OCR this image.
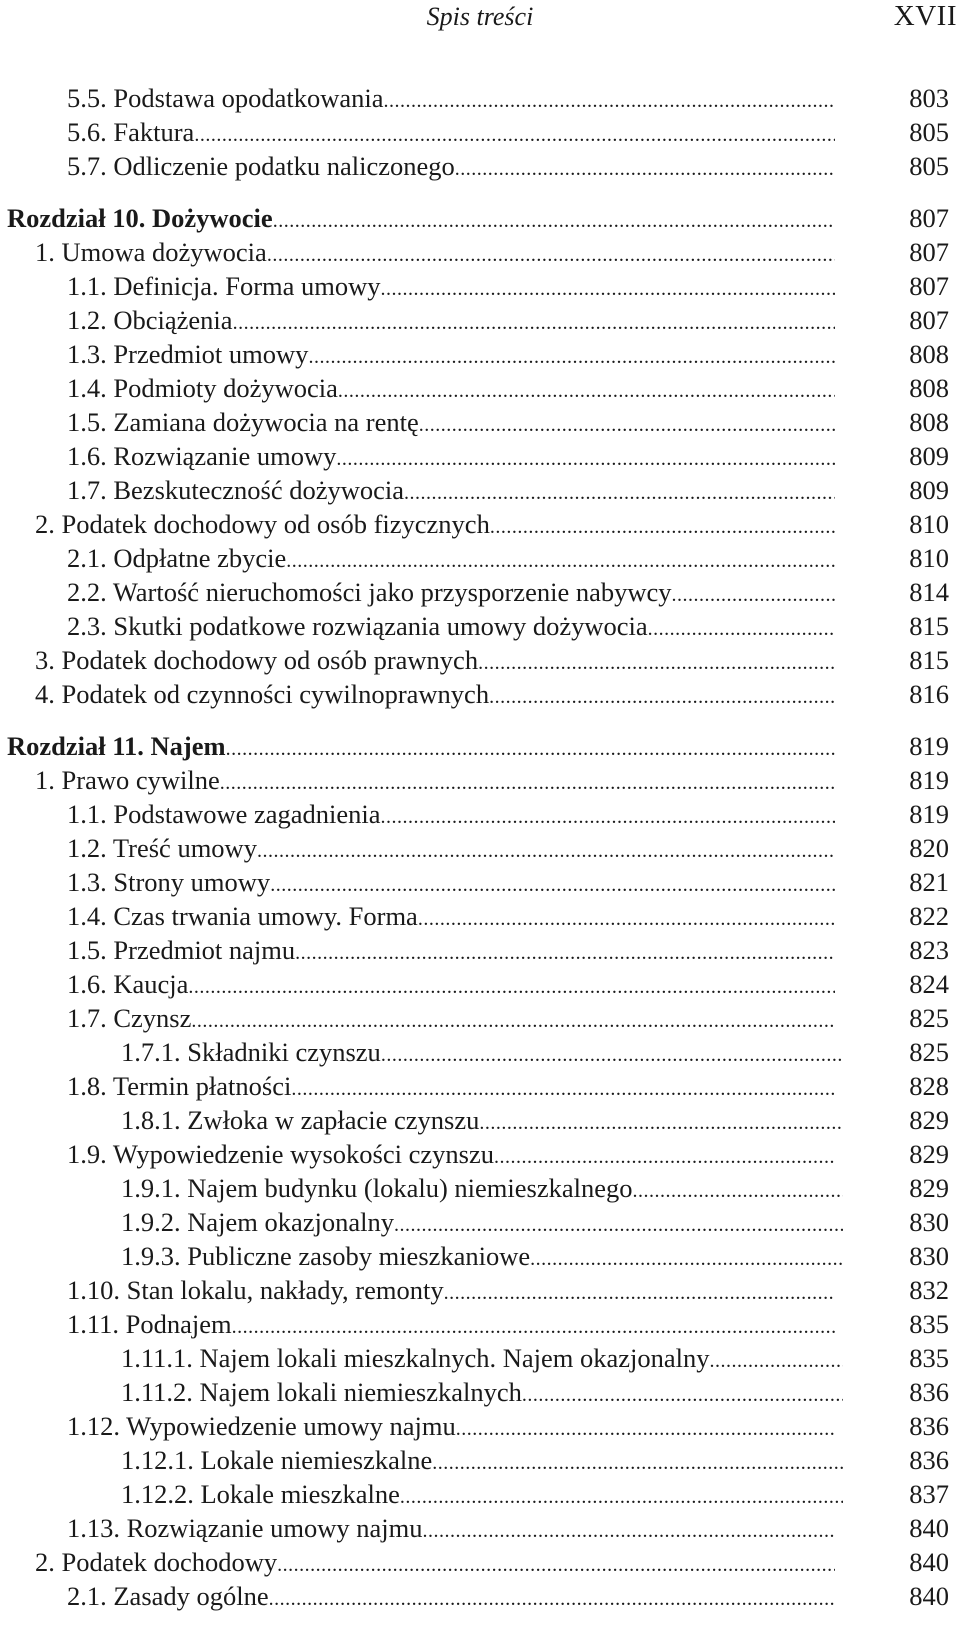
Spis treści	XVII
5.5. Podstawa opodatkowania .....	803
5.6. Faktura .....	805
5.7. Odliczenie podatku naliczonego .....	805
Rozdział 10. Dożywocie .....	807
1. Umowa dożywocia .....	807
1.1. Definicja. Forma umowy .....	807
1.2. Obciążenia .....	807
1.3. Przedmiot umowy .....	808
1.4. Podmioty dożywocia .....	808
1.5. Zamiana dożywocia na rentę .....	808
1.6. Rozwiązanie umowy .....	809
1.7. Bezskuteczność dożywocia .....	809
2. Podatek dochodowy od osób fizycznych .....	810
2.1. Odpłatne zbycie .....	810
2.2. Wartość nieruchomości jako przysporzenie nabywcy .....	814
2.3. Skutki podatkowe rozwiązania umowy dożywocia .....	815
3. Podatek dochodowy od osób prawnych .....	815
4. Podatek od czynności cywilnoprawnych .....	816
Rozdział 11. Najem .....	819
1. Prawo cywilne .....	819
1.1. Podstawowe zagadnienia .....	819
1.2. Treść umowy .....	820
1.3. Strony umowy .....	821
1.4. Czas trwania umowy. Forma .....	822
1.5. Przedmiot najmu .....	823
1.6. Kaucja .....	824
1.7. Czynsz .....	825
1.7.1. Składniki czynszu .....	825
1.8. Termin płatności .....	828
1.8.1. Zwłoka w zapłacie czynszu .....	829
1.9. Wypowiedzenie wysokości czynszu .....	829
1.9.1. Najem budynku (lokalu) niemieszkalnego .....	829
1.9.2. Najem okazjonalny .....	830
1.9.3. Publiczne zasoby mieszkaniowe .....	830
1.10. Stan lokalu, nakłady, remonty .....	832
1.11. Podnajem .....	835
1.11.1. Najem lokali mieszkalnych. Najem okazjonalny .....	835
1.11.2. Najem lokali niemieszkalnych .....	836
1.12. Wypowiedzenie umowy najmu .....	836
1.12.1. Lokale niemieszkalne .....	836
1.12.2. Lokale mieszkalne .....	837
1.13. Rozwiązanie umowy najmu .....	840
2. Podatek dochodowy .....	840
2.1. Zasady ogólne .....	840
